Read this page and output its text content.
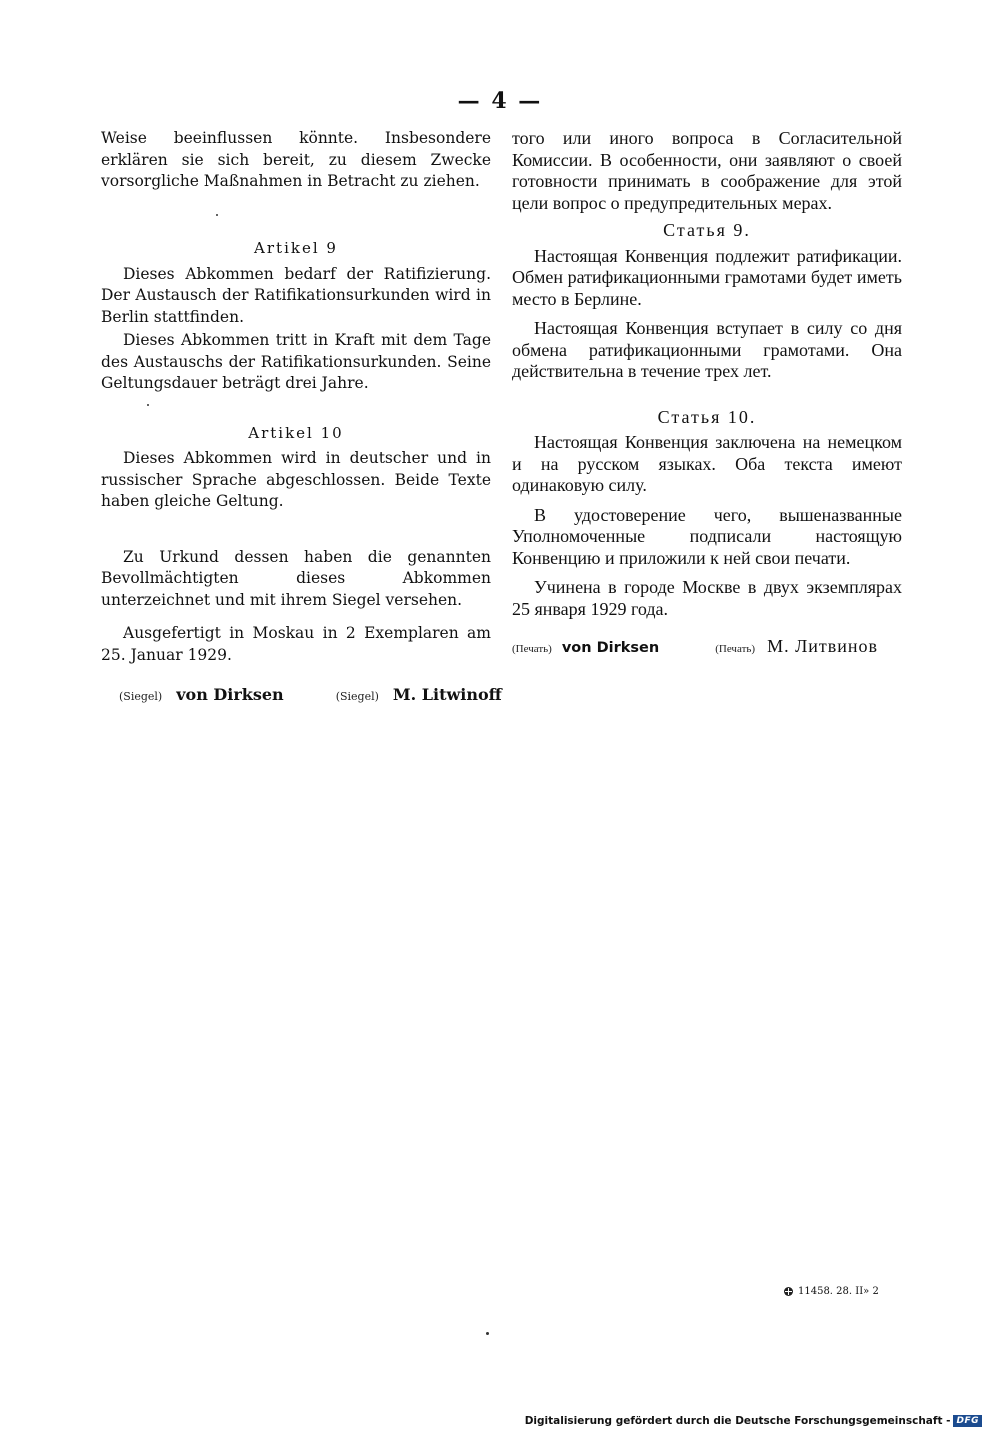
— 4 —

Weise beeinflussen könnte. Insbesondere erklären sie sich bereit, zu diesem Zwecke vorsorgliche Maßnahmen in Betracht zu ziehen.

Artikel 9

Dieses Abkommen bedarf der Ratifizierung. Der Austausch der Ratifikationsurkunden wird in Berlin stattfinden.

Dieses Abkommen tritt in Kraft mit dem Tage des Austauschs der Ratifikationsurkunden. Seine Geltungsdauer beträgt drei Jahre.

Artikel 10

Dieses Abkommen wird in deutscher und in russischer Sprache abgeschlossen. Beide Texte haben gleiche Geltung.

Zu Urkund dessen haben die genannten Bevollmächtigten dieses Abkommen unterzeichnet und mit ihrem Siegel versehen.

Ausgefertigt in Moskau in 2 Exemplaren am 25. Januar 1929.

(Siegel) von Dirksen	(Siegel) M. Litwinoff

того или иного вопроса в Согласительной Комиссии. В особенности, они заявляют о своей готовности принимать в соображение для этой цели вопрос о предупредительных мерах.

Статья 9.

Настоящая Конвенция подлежит ратификации. Обмен ратификационными грамотами будет иметь место в Берлине.

Настоящая Конвенция вступает в силу со дня обмена ратификационными грамотами. Она действительна в течение трех лет.

Статья 10.

Настоящая Конвенция заключена на немецком и на русском языках. Оба текста имеют одинаковую силу.

В удостоверение чего, вышеназванные Уполномоченные подписали настоящую Конвенцию и приложили к ней свои печати.

Учинена в городе Москве в двух экземплярах 25 января 1929 года.

(Печать) von Dirksen	(Печать) М. Литвинов
11458. 28. II» 2
Digitalisierung gefördert durch die Deutsche Forschungsgemeinschaft - DFG
